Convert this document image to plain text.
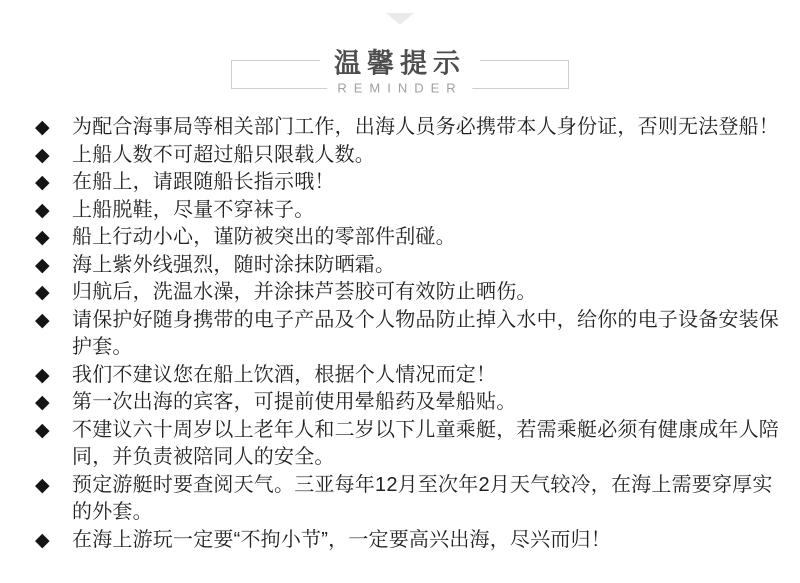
温馨提示
REMINDER
◆	为配合海事局等相关部门工作，出海人员务必携带本人身份证，否则无法登船！
◆	上船人数不可超过船只限载人数。
◆	在船上，请跟随船长指示哦！
◆	上船脱鞋，尽量不穿袜子。
◆	船上行动小心，谨防被突出的零部件刮碰。
◆	海上紫外线强烈，随时涂抹防晒霜。
◆	归航后，洗温水澡，并涂抹芦荟胶可有效防止晒伤。
◆	请保护好随身携带的电子产品及个人物品防止掉入水中，给你的电子设备安装保护套。
◆	我们不建议您在船上饮酒，根据个人情况而定！
◆	第一次出海的宾客，可提前使用晕船药及晕船贴。
◆	不建议六十周岁以上老年人和二岁以下儿童乘艇，若需乘艇必须有健康成年人陪同，并负责被陪同人的安全。
◆	预定游艇时要查阅天气。三亚每年12月至次年2月天气较冷，在海上需要穿厚实的外套。
◆	在海上游玩一定要“不拘小节”，一定要高兴出海，尽兴而归！
